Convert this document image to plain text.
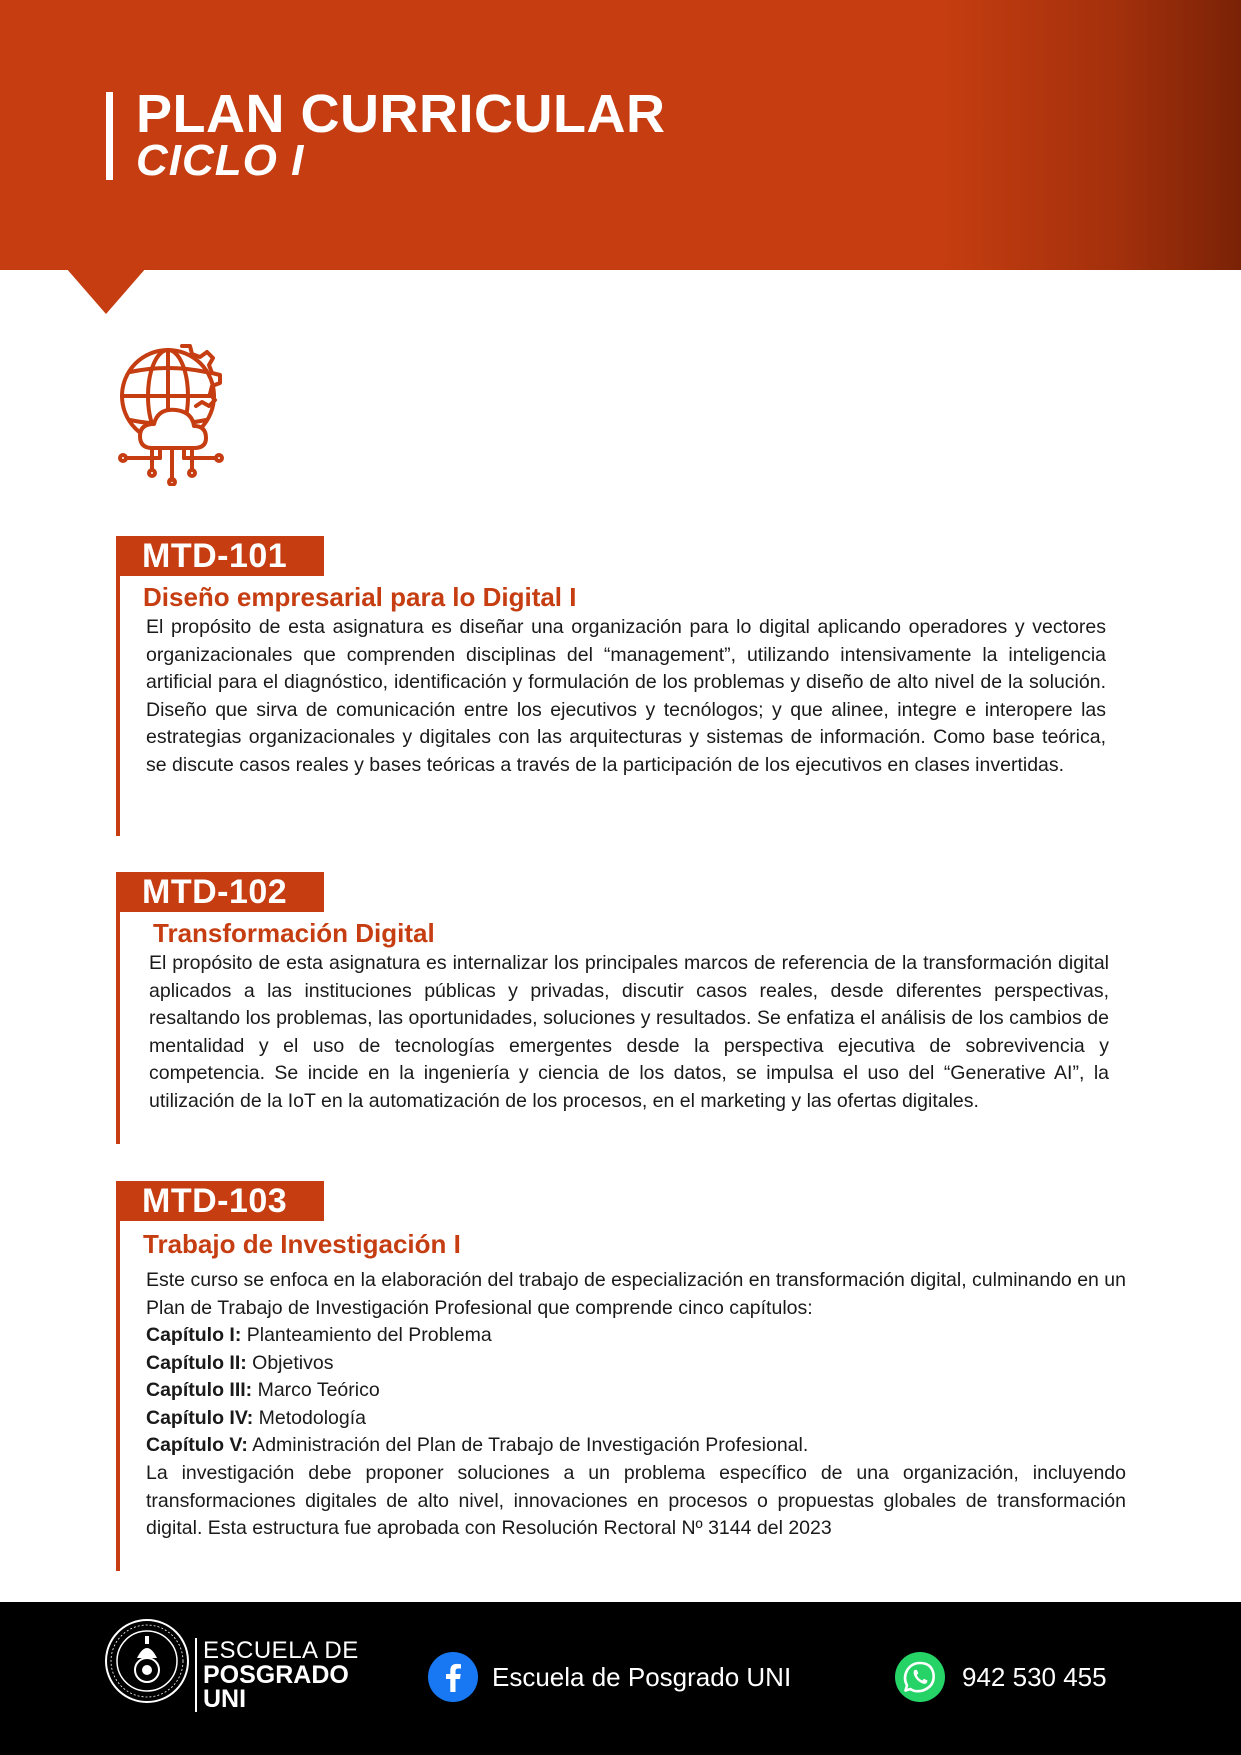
PLAN CURRICULAR
CICLO I
MTD-101
Diseño empresarial para lo Digital I

El propósito de esta asignatura es diseñar una organización para lo digital aplicando operadores y vectores organizacionales que comprenden disciplinas del “management”, utilizando intensivamente la inteligencia artificial para el diagnóstico, identificación y formulación de los problemas y diseño de alto nivel de la solución. Diseño que sirva de comunicación entre los ejecutivos y tecnólogos; y que alinee, integre e interopere las estrategias organizacionales y digitales con las arquitecturas y sistemas de información. Como base teórica, se discute casos reales y bases teóricas a través de la participación de los ejecutivos en clases invertidas.

MTD-102
Transformación Digital

El propósito de esta asignatura es internalizar los principales marcos de referencia de la transformación digital aplicados a las instituciones públicas y privadas, discutir casos reales, desde diferentes perspectivas, resaltando los problemas, las oportunidades, soluciones y resultados. Se enfatiza el análisis de los cambios de mentalidad y el uso de tecnologías emergentes desde la perspectiva ejecutiva de sobrevivencia y competencia. Se incide en la ingeniería y ciencia de los datos, se impulsa el uso del “Generative AI”, la utilización de la IoT en la automatización de los procesos, en el marketing y las ofertas digitales.

MTD-103
Trabajo de Investigación I

Este curso se enfoca en la elaboración del trabajo de especialización en transformación digital, culminando en un Plan de Trabajo de Investigación Profesional que comprende cinco capítulos:

Capítulo I: Planteamiento del Problema
Capítulo II: Objetivos
Capítulo III: Marco Teórico
Capítulo IV: Metodología
Capítulo V: Administración del Plan de Trabajo de Investigación Profesional.

La investigación debe proponer soluciones a un problema específico de una organización, incluyendo transformaciones digitales de alto nivel, innovaciones en procesos o propuestas globales de transformación digital. Esta estructura fue aprobada con Resolución Rectoral Nº 3144 del 2023

ESCUELA DE

POSGRADO

UNI

Escuela de Posgrado UNI	942 530 455
